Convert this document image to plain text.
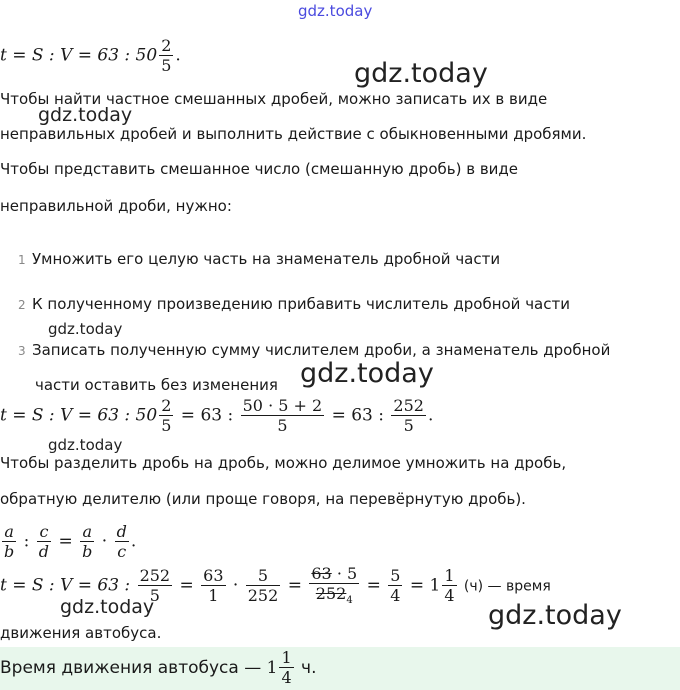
gdz.today
gdz.today
gdz.today
gdz.today
gdz.today
gdz.today
gdz.today	gdz.today
t = S : V = 63 : $50 \frac{2}{5}$ .
Чтобы найти частное смешанных дробей, можно записать их в виде
неправильных дробей и выполнить действие с обыкновенными дробями.
Чтобы представить смешанное число (смешанную дробь) в виде
неправильной дроби, нужно:
1 Умножить его целую часть на знаменатель дробной части
2 К полученному произведению прибавить числитель дробной части
3 Записать полученную сумму числителем дроби, а знаменатель дробной
части оставить без изменения
t = S : V = 63 : $50 \frac{2}{5} = 63$ : $\frac{50 \cdot 5 + 2}{5} = 63$ : $\frac{252}{5}$ .
Чтобы разделить дробь на дробь, можно делимое умножить на дробь,
обратную делителю (или проще говоря, на перевёрнутую дробь).
$\frac{a}{b}$ : $\frac{c}{d} = \frac{a}{b} \cdot \frac{d}{c}$ .
t = S : V = 63 : $\frac{252}{5} = \frac{63}{1} \cdot \frac{5}{252} = \frac{63 \cdot 5}{252_4} = \frac{5}{4} = 1 \frac{1}{4} (ч)$ — время
движения автобуса.
Время движения автобуса — $1 \frac{1}{4} ч$.
